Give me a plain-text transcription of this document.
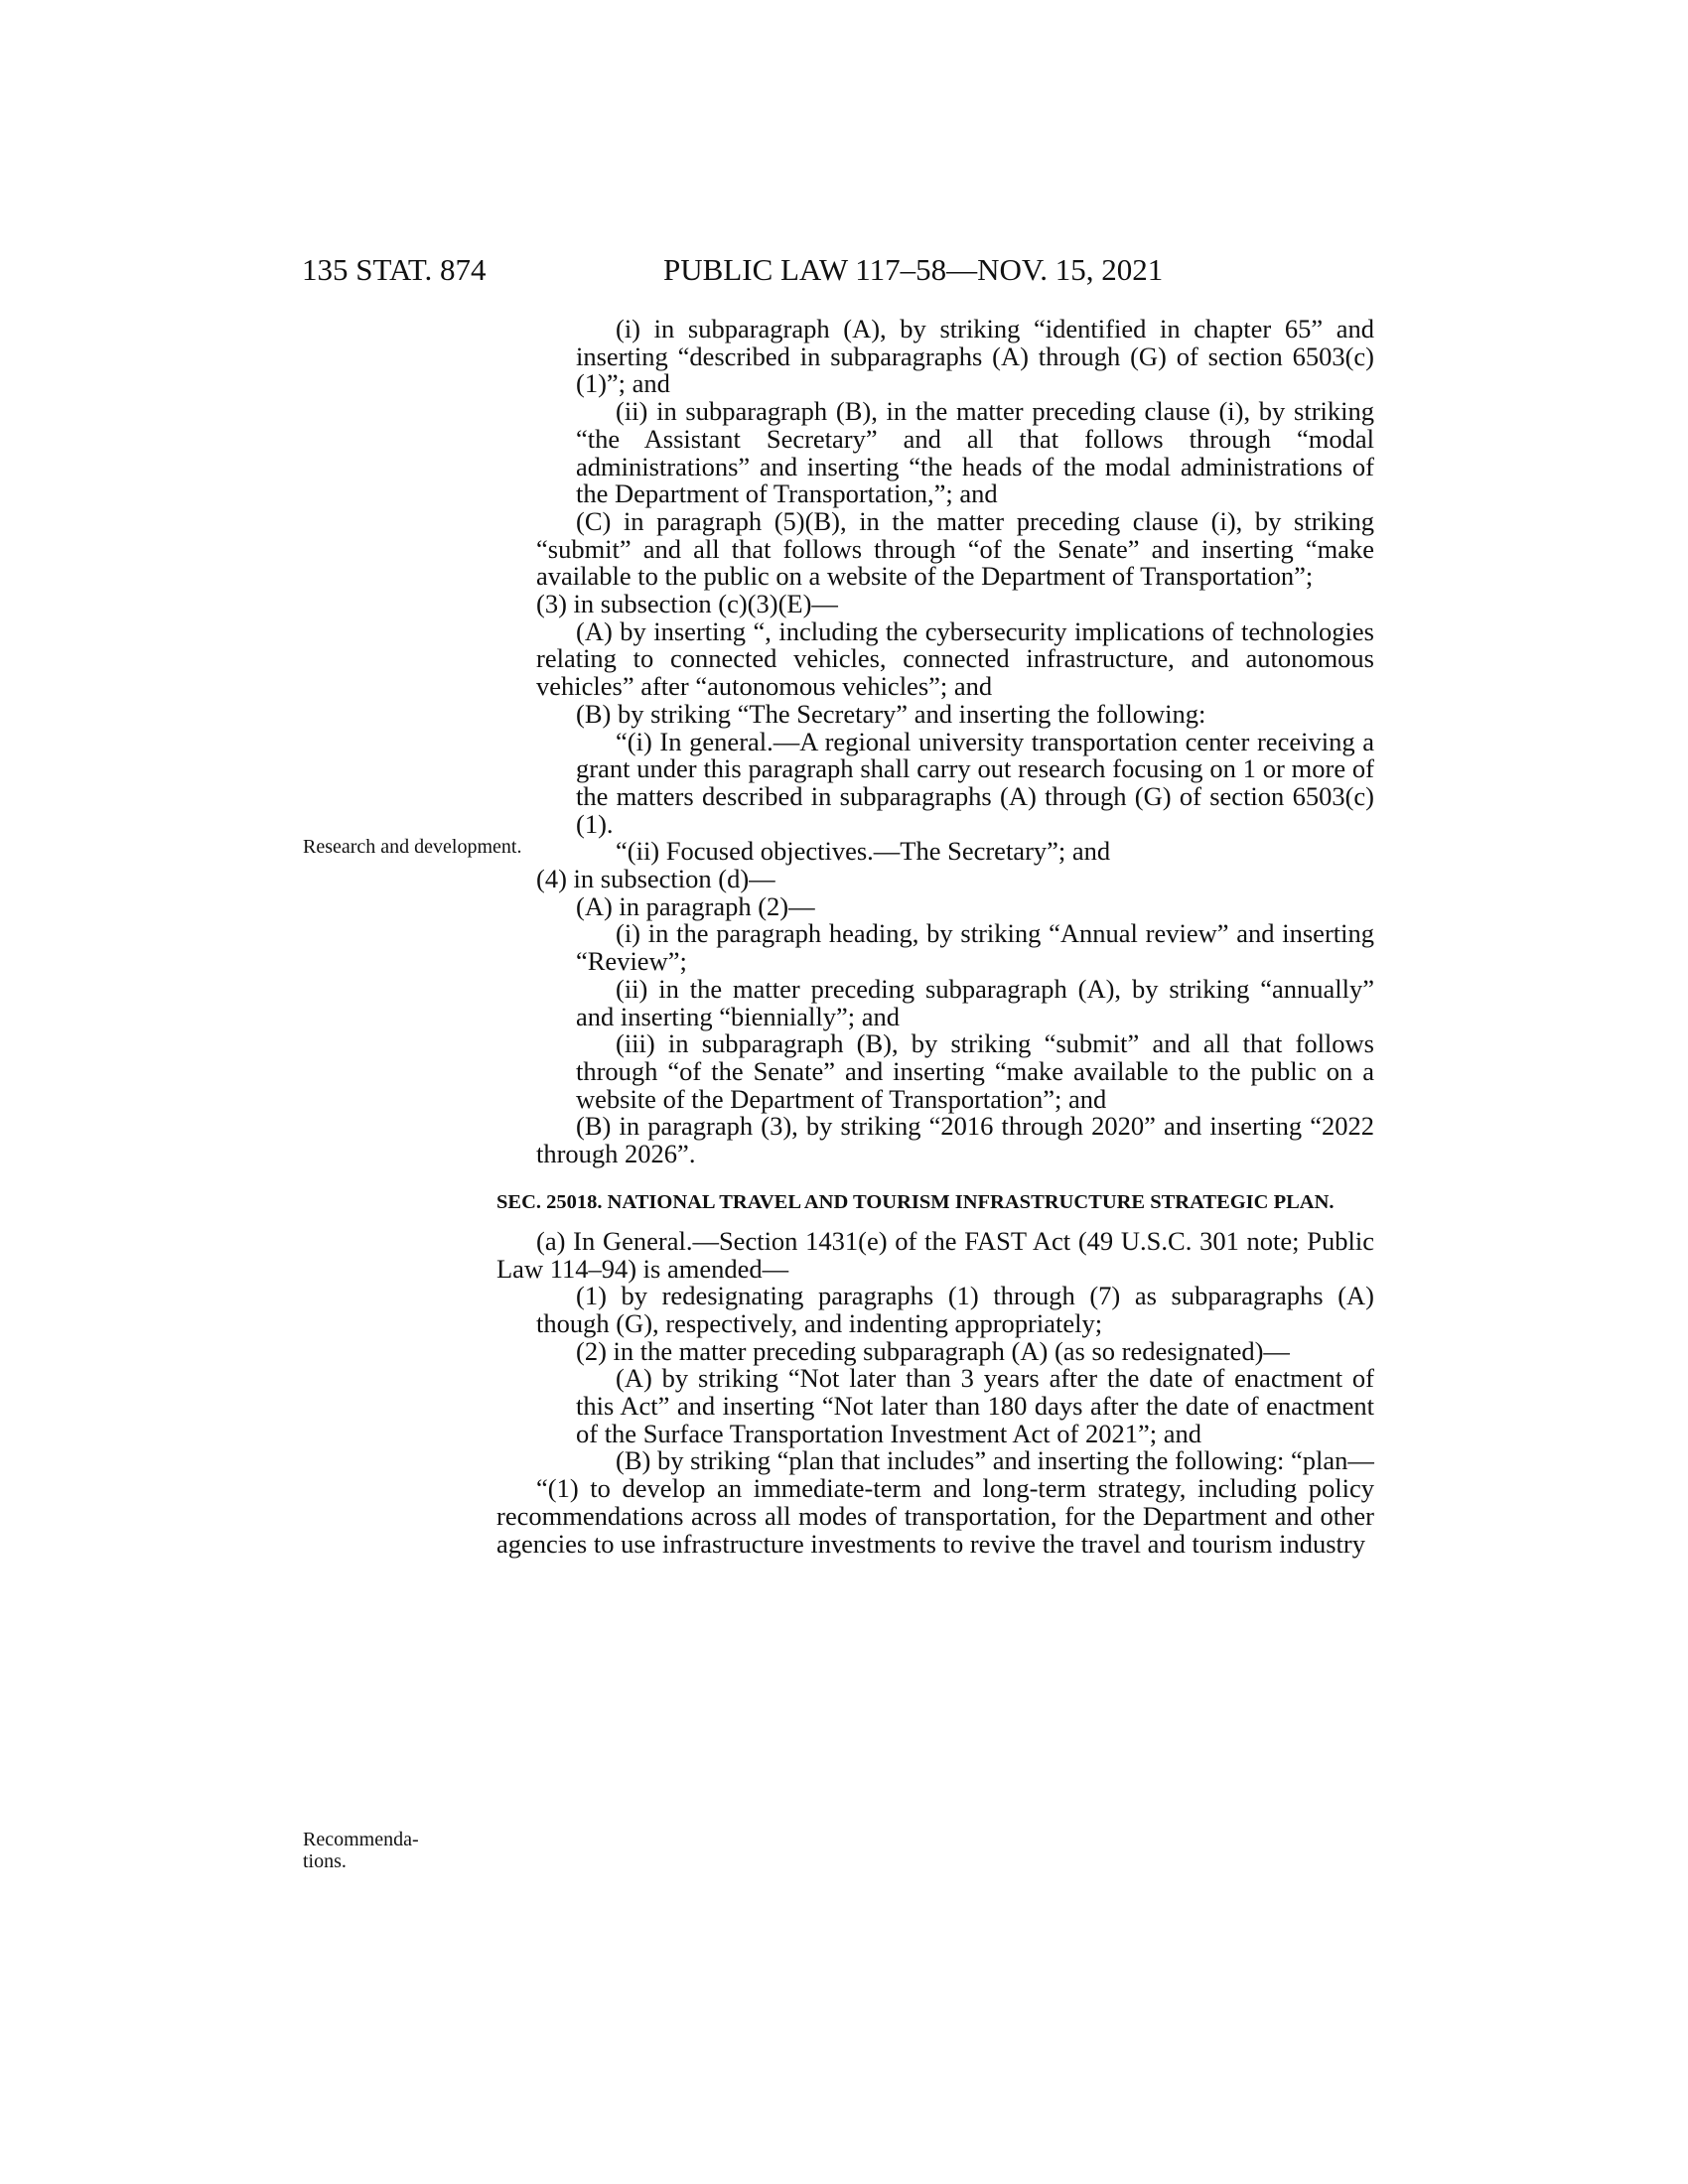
135 STAT. 874	PUBLIC LAW 117–58—NOV. 15, 2021
Research and development.
Recommenda-tions.

(i) in subparagraph (A), by striking “identified in chapter 65” and inserting “described in subparagraphs (A) through (G) of section 6503(c)(1)”; and

(ii) in subparagraph (B), in the matter preceding clause (i), by striking “the Assistant Secretary” and all that follows through “modal administrations” and inserting “the heads of the modal administrations of the Department of Transportation,”; and

(C) in paragraph (5)(B), in the matter preceding clause (i), by striking “submit” and all that follows through “of the Senate” and inserting “make available to the public on a website of the Department of Transportation”;

(3) in subsection (c)(3)(E)—

(A) by inserting “, including the cybersecurity implications of technologies relating to connected vehicles, connected infrastructure, and autonomous vehicles” after “autonomous vehicles”; and

(B) by striking “The Secretary” and inserting the following:

“(i) In general.—A regional university transportation center receiving a grant under this paragraph shall carry out research focusing on 1 or more of the matters described in subparagraphs (A) through (G) of section 6503(c)(1).

“(ii) Focused objectives.—The Secretary”; and

(4) in subsection (d)—

(A) in paragraph (2)—

(i) in the paragraph heading, by striking “Annual review” and inserting “Review”;

(ii) in the matter preceding subparagraph (A), by striking “annually” and inserting “biennially”; and

(iii) in subparagraph (B), by striking “submit” and all that follows through “of the Senate” and inserting “make available to the public on a website of the Department of Transportation”; and

(B) in paragraph (3), by striking “2016 through 2020” and inserting “2022 through 2026”.

SEC. 25018. NATIONAL TRAVEL AND TOURISM INFRASTRUCTURE STRATEGIC PLAN.

(a) In General.—Section 1431(e) of the FAST Act (49 U.S.C. 301 note; Public Law 114–94) is amended—

(1) by redesignating paragraphs (1) through (7) as subparagraphs (A) though (G), respectively, and indenting appropriately;

(2) in the matter preceding subparagraph (A) (as so redesignated)—

(A) by striking “Not later than 3 years after the date of enactment of this Act” and inserting “Not later than 180 days after the date of enactment of the Surface Transportation Investment Act of 2021”; and

(B) by striking “plan that includes” and inserting the following: “plan—

“(1) to develop an immediate-term and long-term strategy, including policy recommendations across all modes of transportation, for the Department and other agencies to use infrastructure investments to revive the travel and tourism industry
